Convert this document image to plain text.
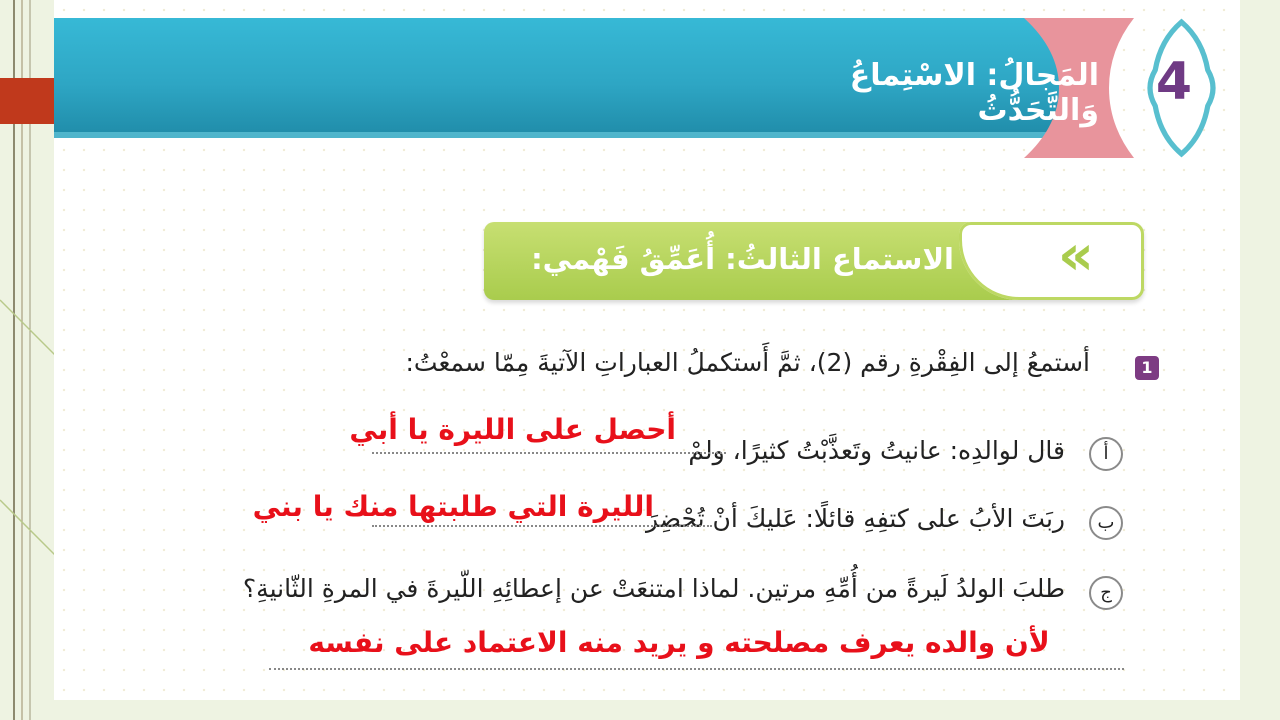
المَجالُ: الاسْتِماعُ وَالتَّحَدُّثُ	4
«
الاستماع الثالثُ: أُعَمِّقُ فَهْمي:
1
أستمعُ إلى الفِقْرةِ رقم (2)، ثمَّ أَستكملُ العباراتِ الآتيةَ مِمّا سمعْتُ:
أ
قال لوالدِه: عانيتُ وتَعذَّبْتُ كثيرًا، ولمْ
أحصل على الليرة يا أبي
ب
ربَتَ الأبُ على كتفِهِ قائلًا: عَليكَ أنْ تُحْضِرَ
الليرة التي طلبتها منك يا بني
ج
طلبَ الولدُ لَيرةً من أُمِّهِ مرتين. لماذا امتنعَتْ عن إعطائِهِ اللّيرةَ في المرةِ الثّانيةِ؟
لأن والده يعرف مصلحته و يريد منه الاعتماد على نفسه
